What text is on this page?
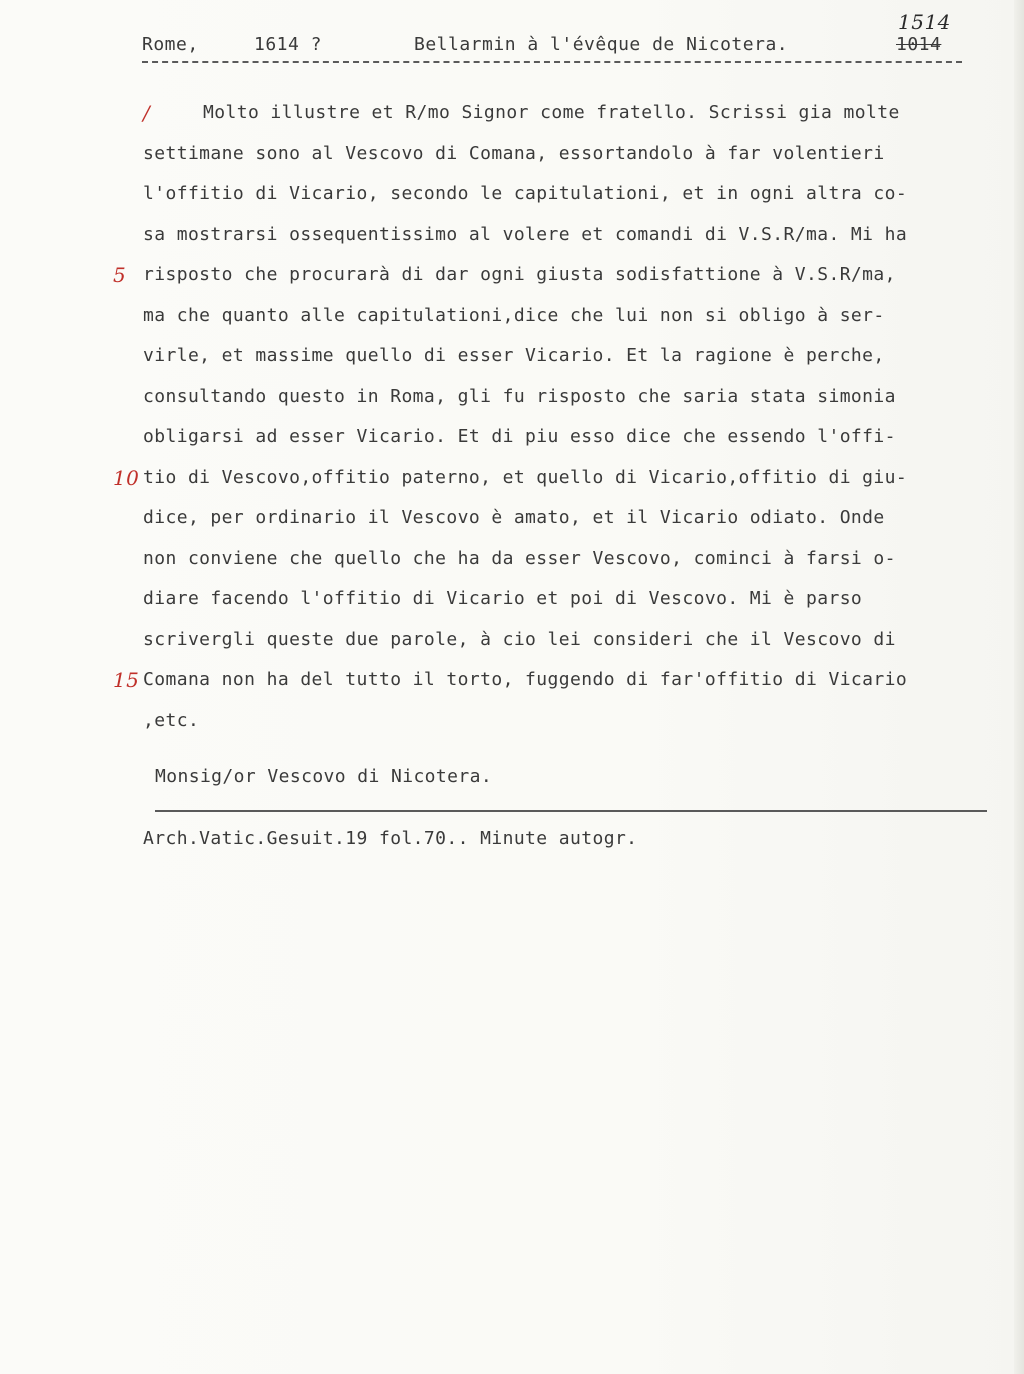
Rome,	1614 ?	Bellarmin à l'évêque de Nicotera.	1014
1514
/	Molto illustre et R/mo Signor come fratello. Scrissi gia molte
settimane sono al Vescovo di Comana, essortandolo à far volentieri
l'offitio di Vicario, secondo le capitulationi, et in ogni altra co-
sa mostrarsi ossequentissimo al volere et comandi di V.S.R/ma. Mi ha
5 risposto che procurarà di dar ogni giusta sodisfattione à V.S.R/ma,
ma che quanto alle capitulationi,dice che lui non si obligo à ser-
virle, et massime quello di esser Vicario. Et la ragione è perche,
consultando questo in Roma, gli fu risposto che saria stata simonia
obligarsi ad esser Vicario. Et di piu esso dice che essendo l'offi-
10 tio di Vescovo,offitio paterno, et quello di Vicario,offitio di giu-
dice, per ordinario il Vescovo è amato, et il Vicario odiato. Onde
non conviene che quello che ha da esser Vescovo, cominci à farsi o-
diare facendo l'offitio di Vicario et poi di Vescovo. Mi è parso
scrivergli queste due parole, à cio lei consideri che il Vescovo di
15 Comana non ha del tutto il torto, fuggendo di far'offitio di Vicario
,etc.
Monsig/or Vescovo di Nicotera.
Arch.Vatic.Gesuit.19 fol.70.. Minute autogr.
